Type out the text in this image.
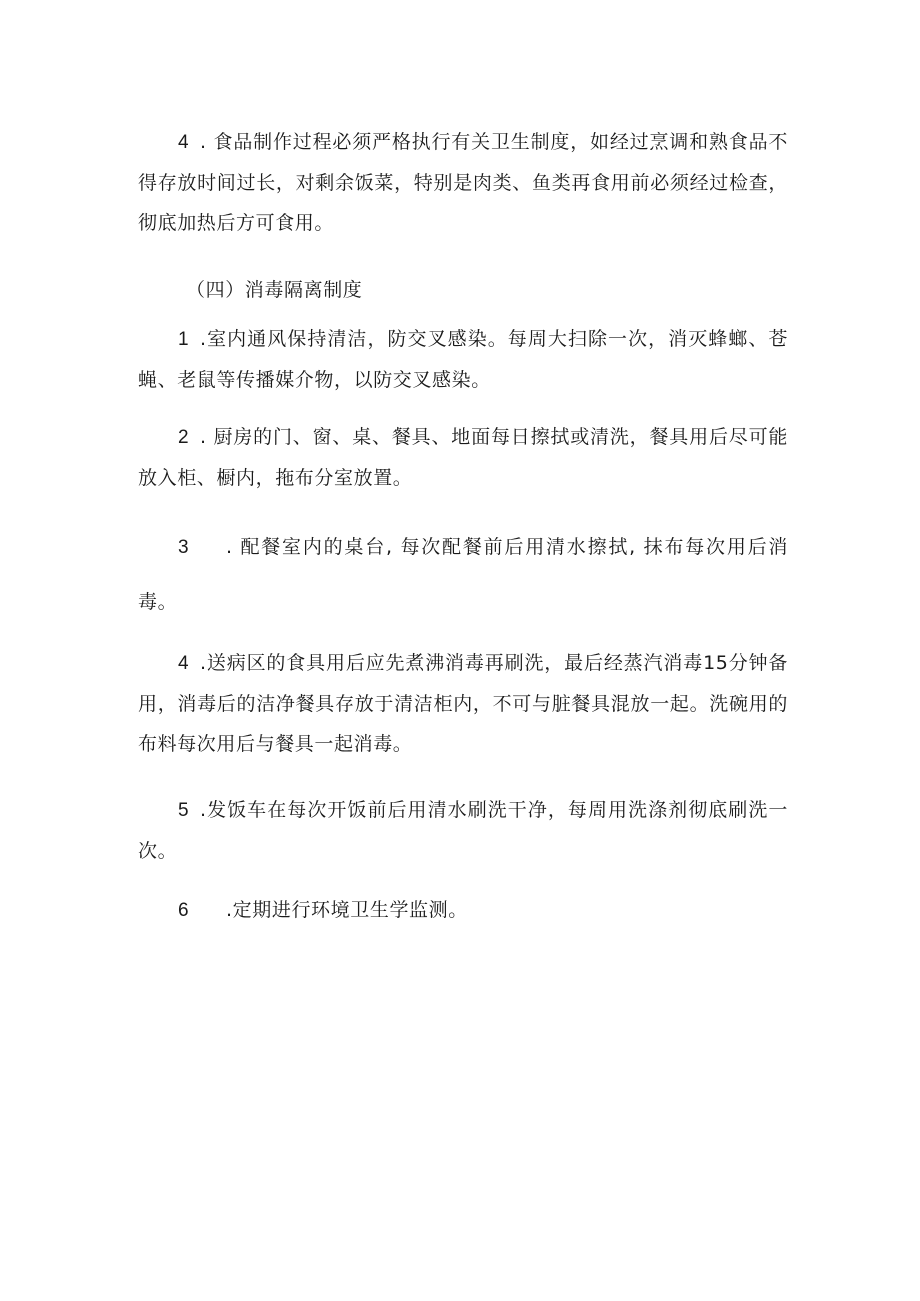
4 . 食品制作过程必须严格执行有关卫生制度，如经过烹调和熟食品不得存放时间过长，对剩余饭菜，特别是肉类、鱼类再食用前必须经过检查，彻底加热后方可食用。

（四）消毒隔离制度

1 .室内通风保持清洁，防交叉感染。每周大扫除一次，消灭蜂螂、苍蝇、老鼠等传播媒介物，以防交叉感染。

2 . 厨房的门、窗、桌、餐具、地面每日擦拭或清洗，餐具用后尽可能放入柜、橱内，拖布分室放置。

3 . 配餐室内的桌台, 每次配餐前后用清水擦拭, 抹布每次用后消毒。

4 .送病区的食具用后应先煮沸消毒再刷洗，最后经蒸汽消毒15分钟备用，消毒后的洁净餐具存放于清洁柜内，不可与脏餐具混放一起。洗碗用的布料每次用后与餐具一起消毒。

5 .发饭车在每次开饭前后用清水刷洗干净，每周用洗涤剂彻底刷洗一次。

6 .定期进行环境卫生学监测。
